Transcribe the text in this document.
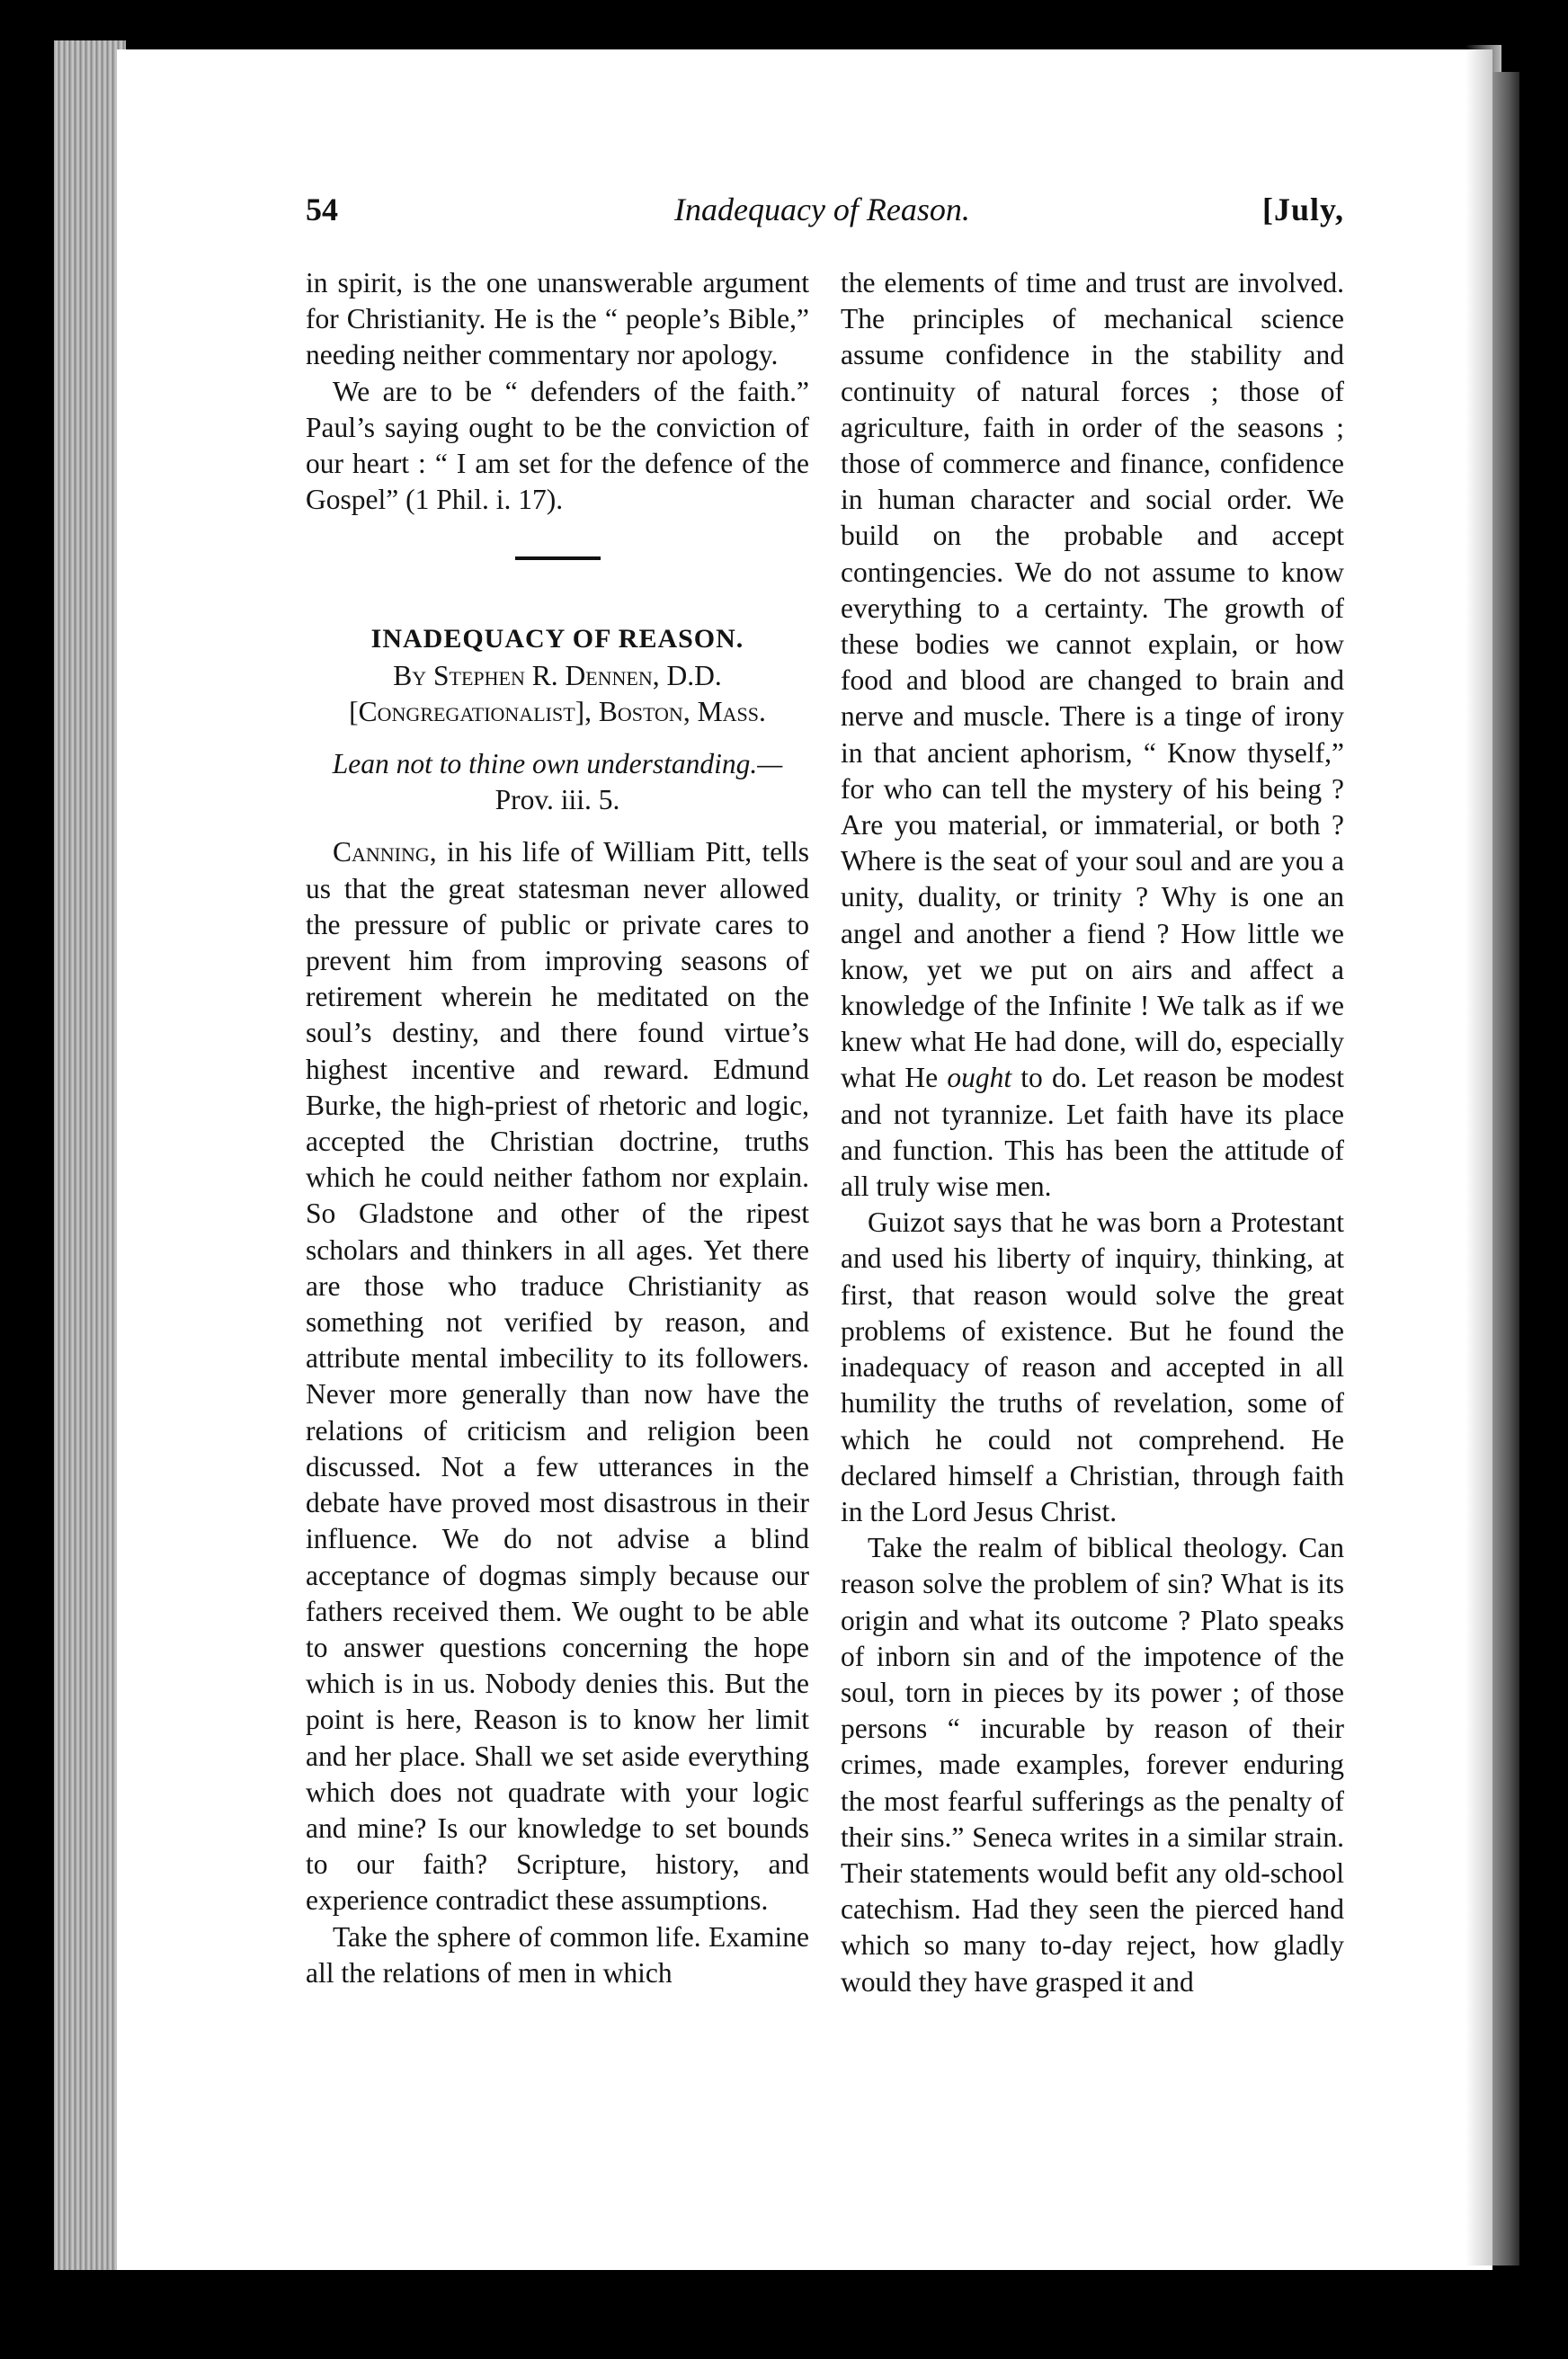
54	Inadequacy of Reason.	[July,

in spirit, is the one unanswerable argument for Christianity. He is the “ people’s Bible,” needing neither commentary nor apology.

We are to be “ defenders of the faith.” Paul’s saying ought to be the conviction of our heart : “ I am set for the defence of the Gospel” (1 Phil. i. 17).

INADEQUACY OF REASON.

By Stephen R. Dennen, D.D. [Congregationalist], Boston, Mass.

Lean not to thine own understanding.—
Prov. iii. 5.

Canning, in his life of William Pitt, tells us that the great statesman never allowed the pressure of public or private cares to prevent him from improving seasons of retirement wherein he meditated on the soul’s destiny, and there found virtue’s highest incentive and reward. Edmund Burke, the high-priest of rhetoric and logic, accepted the Christian doctrine, truths which he could neither fathom nor explain. So Gladstone and other of the ripest scholars and thinkers in all ages. Yet there are those who traduce Christianity as something not verified by reason, and attribute mental imbecility to its followers. Never more generally than now have the relations of criticism and religion been discussed. Not a few utterances in the debate have proved most disastrous in their influence. We do not advise a blind acceptance of dogmas simply because our fathers received them. We ought to be able to answer questions concerning the hope which is in us. Nobody denies this. But the point is here, Reason is to know her limit and her place. Shall we set aside everything which does not quadrate with your logic and mine? Is our knowledge to set bounds to our faith? Scripture, history, and experience contradict these assumptions.

Take the sphere of common life. Examine all the relations of men in which

the elements of time and trust are involved. The principles of mechanical science assume confidence in the stability and continuity of natural forces ; those of agriculture, faith in order of the seasons ; those of commerce and finance, confidence in human character and social order. We build on the probable and accept contingencies. We do not assume to know everything to a certainty. The growth of these bodies we cannot explain, or how food and blood are changed to brain and nerve and muscle. There is a tinge of irony in that ancient aphorism, “ Know thyself,” for who can tell the mystery of his being ? Are you material, or immaterial, or both ? Where is the seat of your soul and are you a unity, duality, or trinity ? Why is one an angel and another a fiend ? How little we know, yet we put on airs and affect a knowledge of the Infinite ! We talk as if we knew what He had done, will do, especially what He ought to do. Let reason be modest and not tyrannize. Let faith have its place and function. This has been the attitude of all truly wise men.

Guizot says that he was born a Protestant and used his liberty of inquiry, thinking, at first, that reason would solve the great problems of existence. But he found the inadequacy of reason and accepted in all humility the truths of revelation, some of which he could not comprehend. He declared himself a Christian, through faith in the Lord Jesus Christ.

Take the realm of biblical theology. Can reason solve the problem of sin? What is its origin and what its outcome ? Plato speaks of inborn sin and of the impotence of the soul, torn in pieces by its power ; of those persons “ incurable by reason of their crimes, made examples, forever enduring the most fearful sufferings as the penalty of their sins.” Seneca writes in a similar strain. Their statements would befit any old-school catechism. Had they seen the pierced hand which so many to-day reject, how gladly would they have grasped it and
